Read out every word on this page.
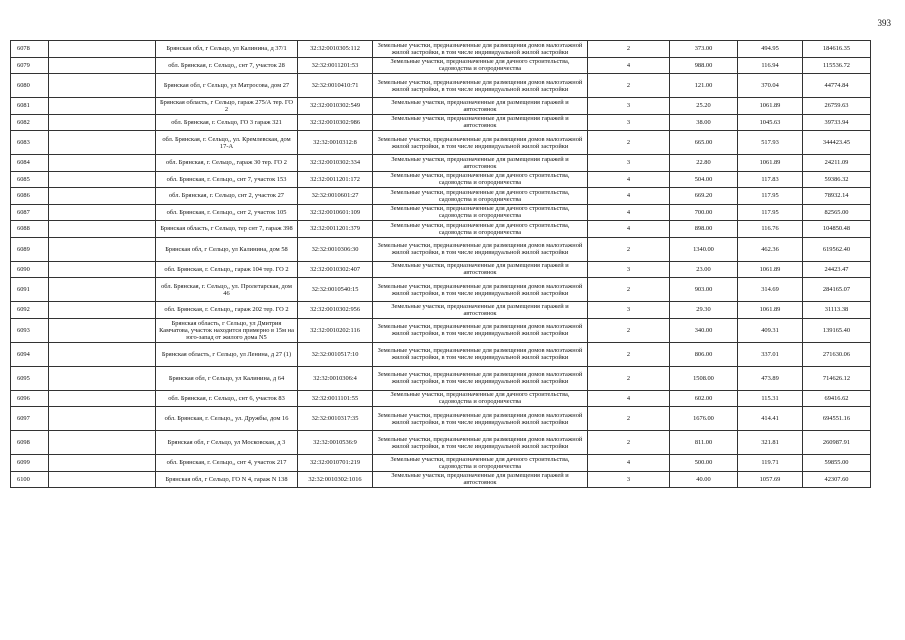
393
6078		Брянская обл, г Сельцо, ул Калинина, д 37/1	32:32:0010305:112	Земельные участки, предназначенные для размещения домов малоэтажной жилой застройки, в том числе индивидуальной жилой застройки	2	373.00	494.95	184616.35
6079		обл. Брянская, г. Сельцо,, снт 7, участок 28	32:32:0011201:53	Земельные участки, предназначенные для дачного строительства, садоводства и огородничества	4	988.00	116.94	115536.72
6080		Брянская обл, г Сельцо, ул Матросова, дом 27	32:32:0010410:71	Земельные участки, предназначенные для размещения домов малоэтажной жилой застройки, в том числе индивидуальной жилой застройки	2	121.00	370.04	44774.84
6081		Брянская область, г Сельцо, гараж 275/А тер. ГО 2	32:32:0010302:549	Земельные участки, предназначенные для размещения гаражей и автостоянок	3	25.20	1061.89	26759.63
6082		обл. Брянская, г. Сельцо, ГО 3 гараж 321	32:32:0010302:986	Земельные участки, предназначенные для размещения гаражей и автостоянок	3	38.00	1045.63	39733.94
6083		обл. Брянская, г. Сельцо,, ул. Кремлевская, дом 17-А	32:32:0010312:8	Земельные участки, предназначенные для размещения домов малоэтажной жилой застройки, в том числе индивидуальной жилой застройки	2	665.00	517.93	344423.45
6084		обл. Брянская, г. Сельцо,, гараж 30 тер. ГО 2	32:32:0010302:334	Земельные участки, предназначенные для размещения гаражей и автостоянок	3	22.80	1061.89	24211.09
6085		обл. Брянская, г. Сельцо,, снт 7, участок 153	32:32:0011201:172	Земельные участки, предназначенные для дачного строительства, садоводства и огородничества	4	504.00	117.83	59386.32
6086		обл. Брянская, г. Сельцо, снт 2, участок 27	32:32:0010601:27	Земельные участки, предназначенные для дачного строительства, садоводства и огородничества	4	669.20	117.95	78932.14
6087		обл. Брянская, г. Сельцо,, снт 2, участок 105	32:32:0010601:109	Земельные участки, предназначенные для дачного строительства, садоводства и огородничества	4	700.00	117.95	82565.00
6088		Брянская область, г Сельцо, тер снт 7, гараж 398	32:32:0011201:379	Земельные участки, предназначенные для дачного строительства, садоводства и огородничества	4	898.00	116.76	104850.48
6089		Брянская обл, г Сельцо, ул Калинина, дом 58	32:32:0010306:30	Земельные участки, предназначенные для размещения домов малоэтажной жилой застройки, в том числе индивидуальной жилой застройки	2	1340.00	462.36	619562.40
6090		обл. Брянская, г. Сельцо,, гараж 104 тер. ГО 2	32:32:0010302:407	Земельные участки, предназначенные для размещения гаражей и автостоянок	3	23.00	1061.89	24423.47
6091		обл. Брянская, г. Сельцо,, ул. Пролетарская, дом 46	32:32:0010540:15	Земельные участки, предназначенные для размещения домов малоэтажной жилой застройки, в том числе индивидуальной жилой застройки	2	903.00	314.69	284165.07
6092		обл. Брянская, г. Сельцо,, гараж 202 тер. ГО 2	32:32:0010302:956	Земельные участки, предназначенные для размещения гаражей и автостоянок	3	29.30	1061.89	31113.38
6093		Брянская область, г Сельцо, ул Дмитрия Камчатова, участок находится примерно в 15м на юго-запад от жилого дома N5	32:32:0010202:116	Земельные участки, предназначенные для размещения домов малоэтажной жилой застройки, в том числе индивидуальной жилой застройки	2	340.00	409.31	139165.40
6094		Брянская область, г Сельцо, ул Ленина, д 27 (1)	32:32:0010517:10	Земельные участки, предназначенные для размещения домов малоэтажной жилой застройки, в том числе индивидуальной жилой застройки	2	806.00	337.01	271630.06
6095		Брянская обл, г Сельцо, ул Калинина, д 64	32:32:0010306:4	Земельные участки, предназначенные для размещения домов малоэтажной жилой застройки, в том числе индивидуальной жилой застройки	2	1508.00	473.89	714626.12
6096		обл. Брянская, г. Сельцо,, снт 6, участок 83	32:32:0011101:55	Земельные участки, предназначенные для дачного строительства, садоводства и огородничества	4	602.00	115.31	69416.62
6097		обл. Брянская, г. Сельцо,, ул. Дружбы, дом 16	32:32:0010317:35	Земельные участки, предназначенные для размещения домов малоэтажной жилой застройки, в том числе индивидуальной жилой застройки	2	1676.00	414.41	694551.16
6098		Брянская обл, г Сельцо, ул Московская, д 3	32:32:0010536:9	Земельные участки, предназначенные для размещения домов малоэтажной жилой застройки, в том числе индивидуальной жилой застройки	2	811.00	321.81	260987.91
6099		обл. Брянская, г. Сельцо,, снт 4, участок 217	32:32:0010701:219	Земельные участки, предназначенные для дачного строительства, садоводства и огородничества	4	500.00	119.71	59855.00
6100		Брянская обл, г Сельцо, ГО N 4, гараж N 138	32:32:0010302:1016	Земельные участки, предназначенные для размещения гаражей и автостоянок	3	40.00	1057.69	42307.60
